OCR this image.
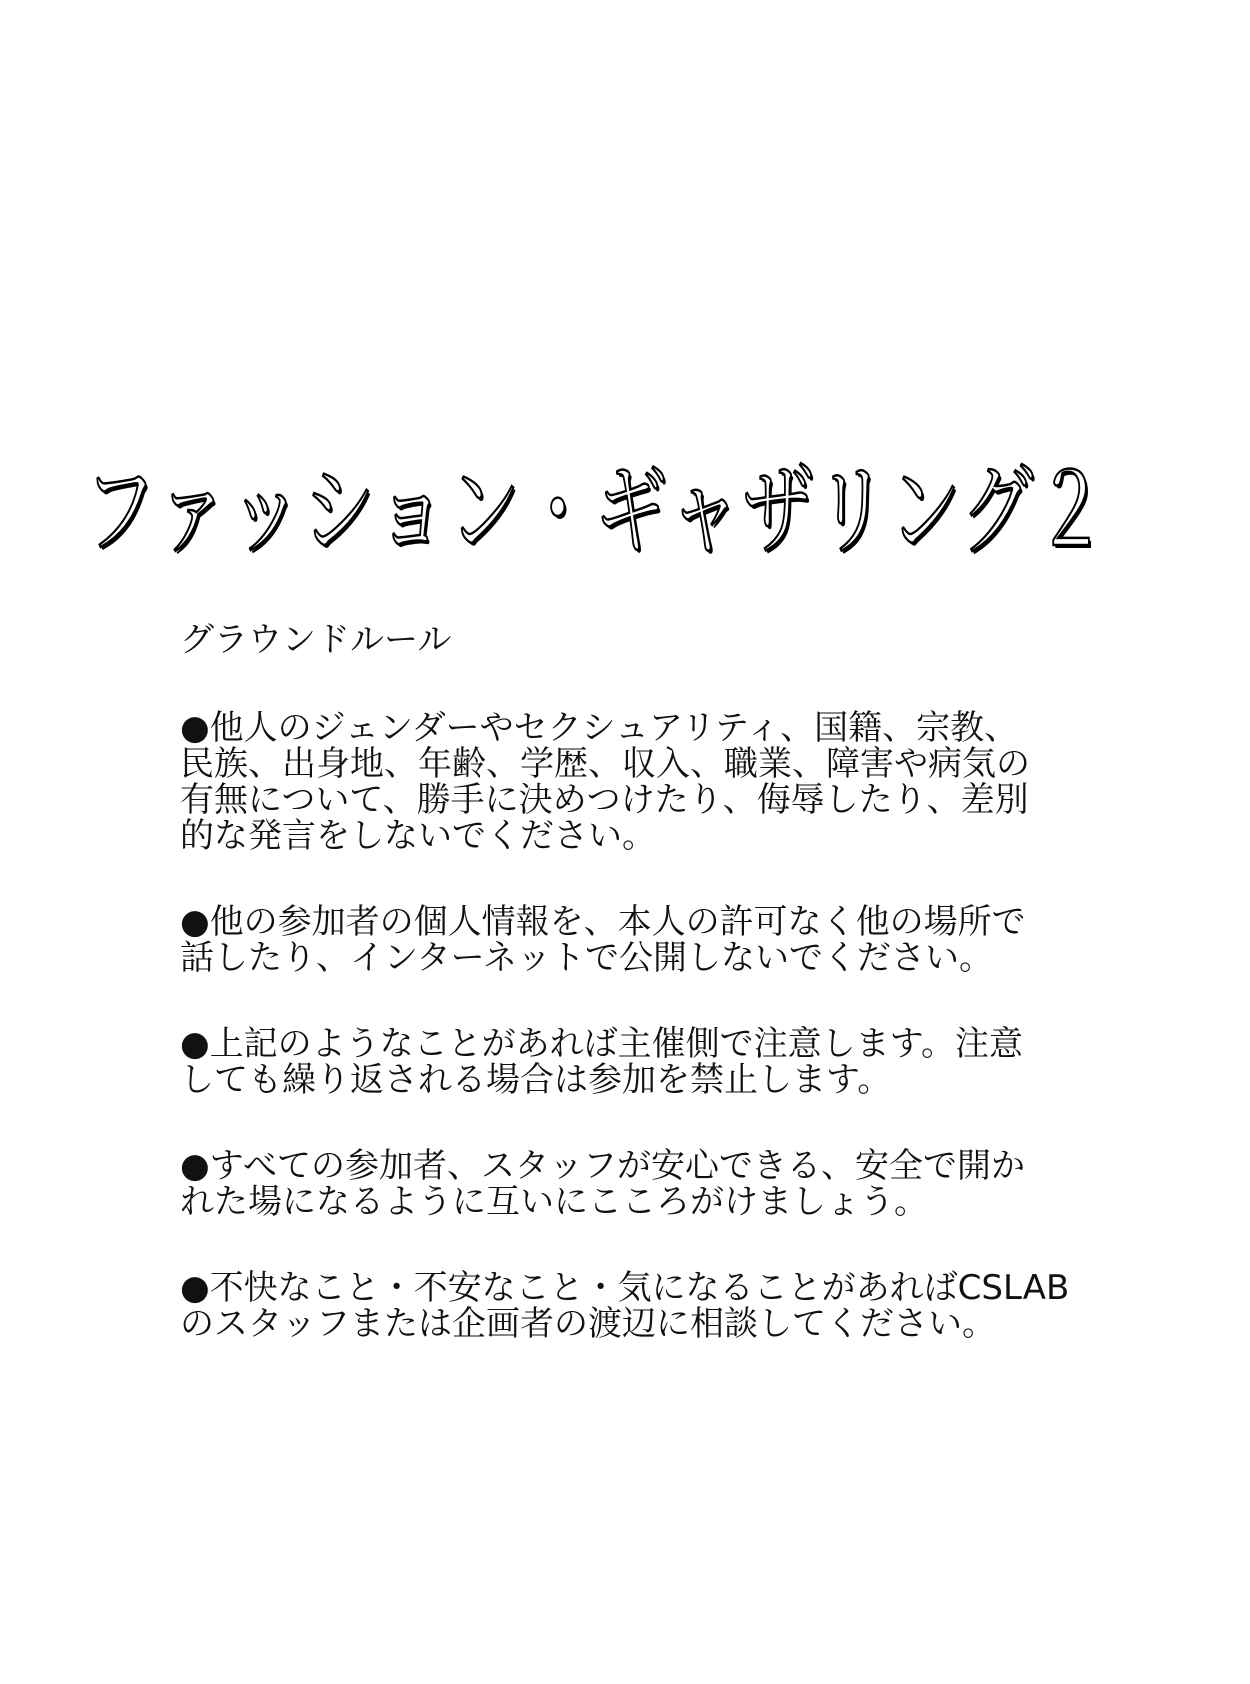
ファッション・ギャザリング２
グラウンドルール
●他人のジェンダーやセクシュアリティ、国籍、宗教、
民族、出身地、年齢、学歴、収入、職業、障害や病気の
有無について、勝手に決めつけたり、侮辱したり、差別
的な発言をしないでください。
●他の参加者の個人情報を、本人の許可なく他の場所で
話したり、インターネットで公開しないでください。
●上記のようなことがあれば主催側で注意します。注意
しても繰り返される場合は参加を禁止します。
●すべての参加者、スタッフが安心できる、安全で開か
れた場になるように互いにこころがけましょう。
●不快なこと・不安なこと・気になることがあればCSLAB
のスタッフまたは企画者の渡辺に相談してください。
